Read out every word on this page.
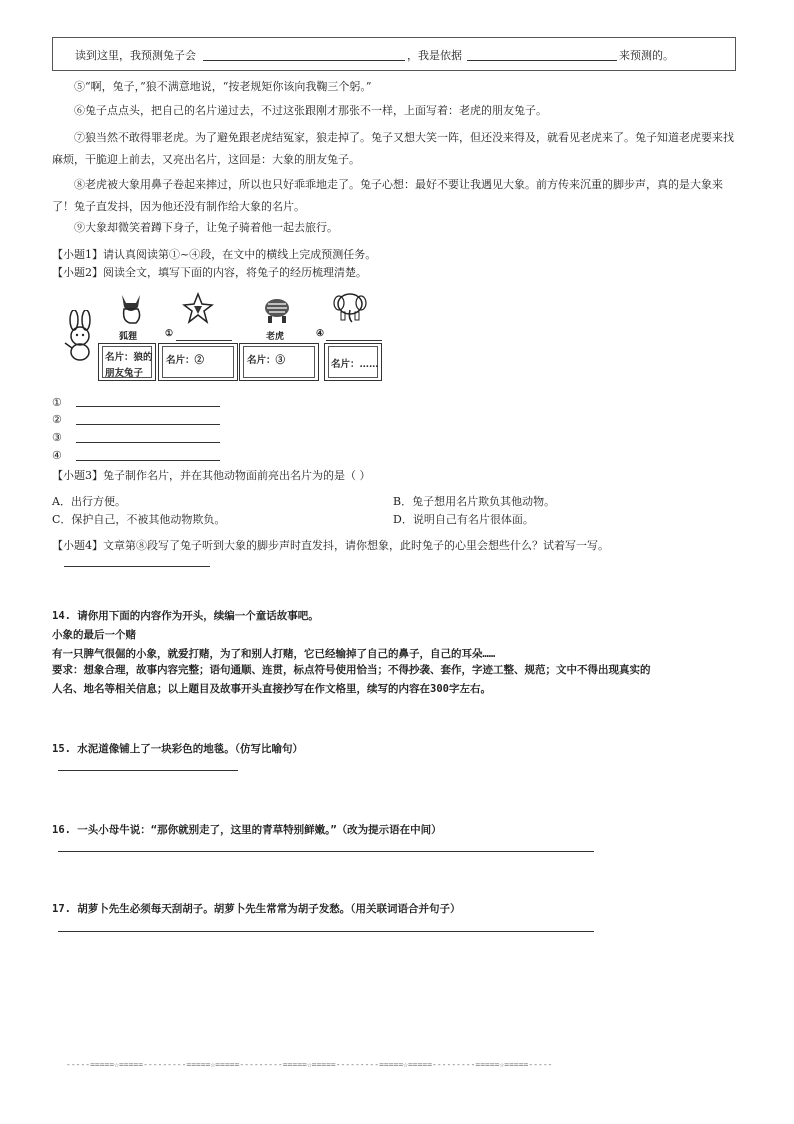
读到这里，我预测兔子会	，我是依据	来预测的。

⑤“啊，兔子，”狼不满意地说，“按老规矩你该向我鞠三个躬。”

⑥兔子点点头，把自己的名片递过去，不过这张跟刚才那张不一样，上面写着：老虎的朋友兔子。

⑦狼当然不敢得罪老虎。为了避免跟老虎结冤家，狼走掉了。兔子又想大笑一阵，但还没来得及，就看见老虎来了。兔子知道老虎要来找麻烦，干脆迎上前去，又亮出名片，这回是：大象的朋友兔子。

⑧老虎被大象用鼻子卷起来摔过，所以也只好乖乖地走了。兔子心想：最好不要让我遇见大象。前方传来沉重的脚步声，真的是大象来了！兔子直发抖，因为他还没有制作给大象的名片。

⑨大象却微笑着蹲下身子，让兔子骑着他一起去旅行。

【小题1】请认真阅读第①~④段，在文中的横线上完成预测任务。
【小题2】阅读全文，填写下面的内容，将兔子的经历梳理清楚。
狐狸	①	老虎	④
名片：狼的
朋友兔子
名片：②	名片：③	名片：……
①
②
③
④
【小题3】兔子制作名片，并在其他动物面前亮出名片为的是（ ）
A．出行方便。	B．兔子想用名片欺负其他动物。
C．保护自己，不被其他动物欺负。	D．说明自己有名片很体面。
【小题4】文章第⑧段写了兔子听到大象的脚步声时直发抖，请你想象，此时兔子的心里会想些什么？试着写一写。
14. 请你用下面的内容作为开头，续编一个童话故事吧。
小象的最后一个赌
有一只脾气很倔的小象，就爱打赌，为了和别人打赌，它已经输掉了自己的鼻子，自己的耳朵……
要求：想象合理，故事内容完整；语句通顺、连贯，标点符号使用恰当；不得抄袭、套作，字迹工整、规范；文中不得出现真实的
人名、地名等相关信息；以上题目及故事开头直接抄写在作文格里，续写的内容在300字左右。
15. 水泥道像铺上了一块彩色的地毯。（仿写比喻句）
16. 一头小母牛说：“那你就别走了，这里的青草特别鲜嫩。”（改为提示语在中间）
17. 胡萝卜先生必须每天刮胡子。胡萝卜先生常常为胡子发愁。（用关联词语合并句子）
-----=====☆=====---------=====☆=====---------=====☆=====---------=====☆=====---------=====☆=====-----
